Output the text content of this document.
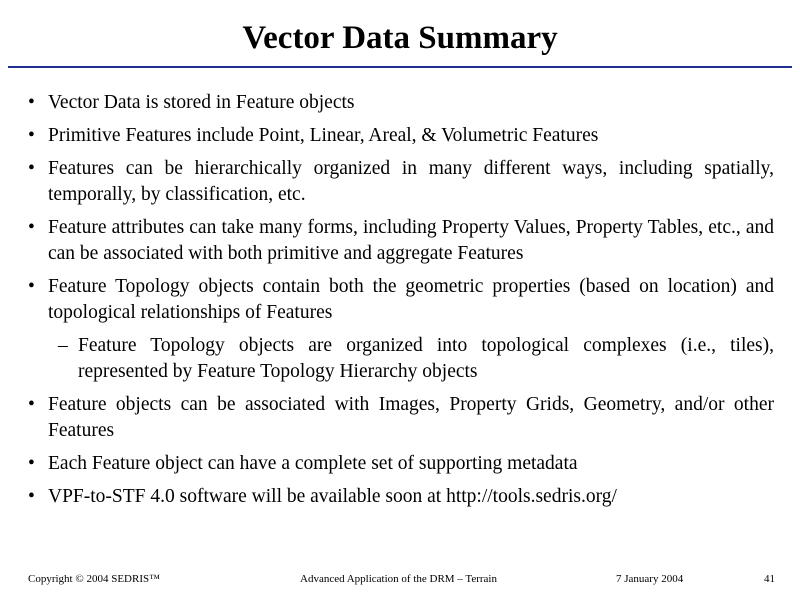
Vector Data Summary
• Vector Data is stored in Feature objects
• Primitive Features include Point, Linear, Areal, & Volumetric Features
• Features can be hierarchically organized in many different ways, including spatially, temporally, by classification, etc.
• Feature attributes can take many forms, including Property Values, Property Tables, etc., and can be associated with both primitive and aggregate Features
• Feature Topology objects contain both the geometric properties (based on location) and topological relationships of Features
– Feature Topology objects are organized into topological complexes (i.e., tiles), represented by Feature Topology Hierarchy objects
• Feature objects can be associated with Images, Property Grids, Geometry, and/or other Features
• Each Feature object can have a complete set of supporting metadata
• VPF-to-STF 4.0 software will be available soon at http://tools.sedris.org/
Copyright © 2004 SEDRIS™	Advanced Application of the DRM – Terrain	7 January 2004	41
